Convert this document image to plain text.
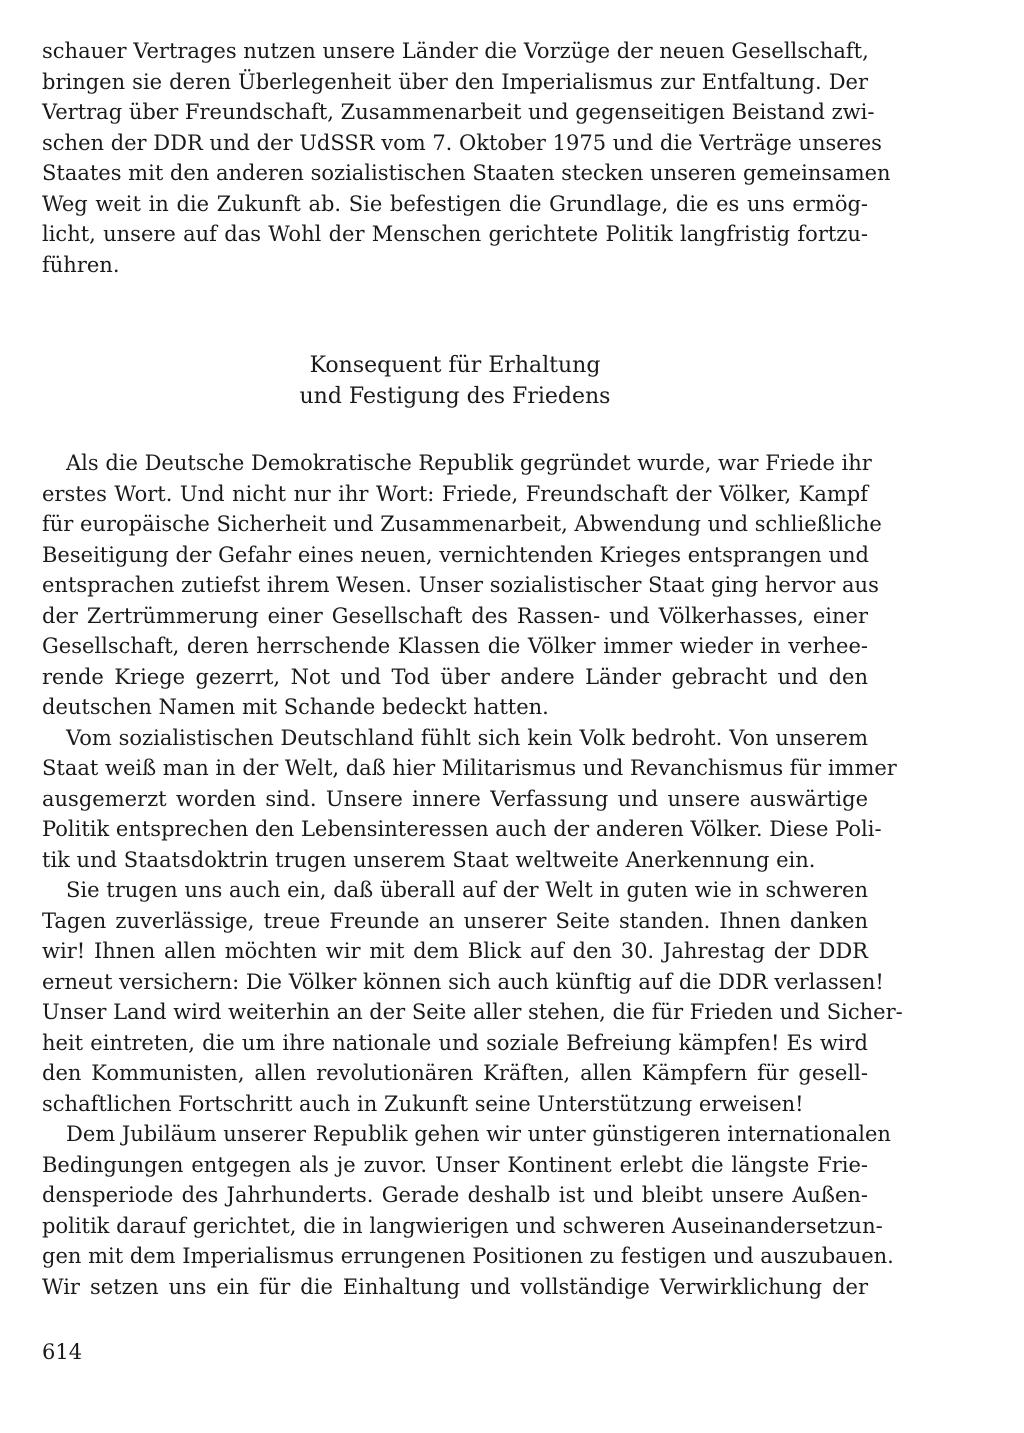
schauer Vertrages nutzen unsere Länder die Vorzüge der neuen Gesellschaft,
bringen sie deren Überlegenheit über den Imperialismus zur Entfaltung. Der
Vertrag über Freundschaft, Zusammenarbeit und gegenseitigen Beistand zwi-
schen der DDR und der UdSSR vom 7. Oktober 1975 und die Verträge unseres
Staates mit den anderen sozialistischen Staaten stecken unseren gemeinsamen
Weg weit in die Zukunft ab. Sie befestigen die Grundlage, die es uns ermög-
licht, unsere auf das Wohl der Menschen gerichtete Politik langfristig fortzu-
führen.
Konsequent für Erhaltung
und Festigung des Friedens
Als die Deutsche Demokratische Republik gegründet wurde, war Friede ihr
erstes Wort. Und nicht nur ihr Wort: Friede, Freundschaft der Völker, Kampf
für europäische Sicherheit und Zusammenarbeit, Abwendung und schließliche
Beseitigung der Gefahr eines neuen, vernichtenden Krieges entsprangen und
entsprachen zutiefst ihrem Wesen. Unser sozialistischer Staat ging hervor aus
der Zertrümmerung einer Gesellschaft des Rassen- und Völkerhasses, einer
Gesellschaft, deren herrschende Klassen die Völker immer wieder in verhee-
rende Kriege gezerrt, Not und Tod über andere Länder gebracht und den
deutschen Namen mit Schande bedeckt hatten.
Vom sozialistischen Deutschland fühlt sich kein Volk bedroht. Von unserem
Staat weiß man in der Welt, daß hier Militarismus und Revanchismus für immer
ausgemerzt worden sind. Unsere innere Verfassung und unsere auswärtige
Politik entsprechen den Lebensinteressen auch der anderen Völker. Diese Poli-
tik und Staatsdoktrin trugen unserem Staat weltweite Anerkennung ein.
Sie trugen uns auch ein, daß überall auf der Welt in guten wie in schweren
Tagen zuverlässige, treue Freunde an unserer Seite standen. Ihnen danken
wir! Ihnen allen möchten wir mit dem Blick auf den 30. Jahrestag der DDR
erneut versichern: Die Völker können sich auch künftig auf die DDR verlassen!
Unser Land wird weiterhin an der Seite aller stehen, die für Frieden und Sicher-
heit eintreten, die um ihre nationale und soziale Befreiung kämpfen! Es wird
den Kommunisten, allen revolutionären Kräften, allen Kämpfern für gesell-
schaftlichen Fortschritt auch in Zukunft seine Unterstützung erweisen!
Dem Jubiläum unserer Republik gehen wir unter günstigeren internationalen
Bedingungen entgegen als je zuvor. Unser Kontinent erlebt die längste Frie-
densperiode des Jahrhunderts. Gerade deshalb ist und bleibt unsere Außen-
politik darauf gerichtet, die in langwierigen und schweren Auseinandersetzun-
gen mit dem Imperialismus errungenen Positionen zu festigen und auszubauen.
Wir setzen uns ein für die Einhaltung und vollständige Verwirklichung der
614
